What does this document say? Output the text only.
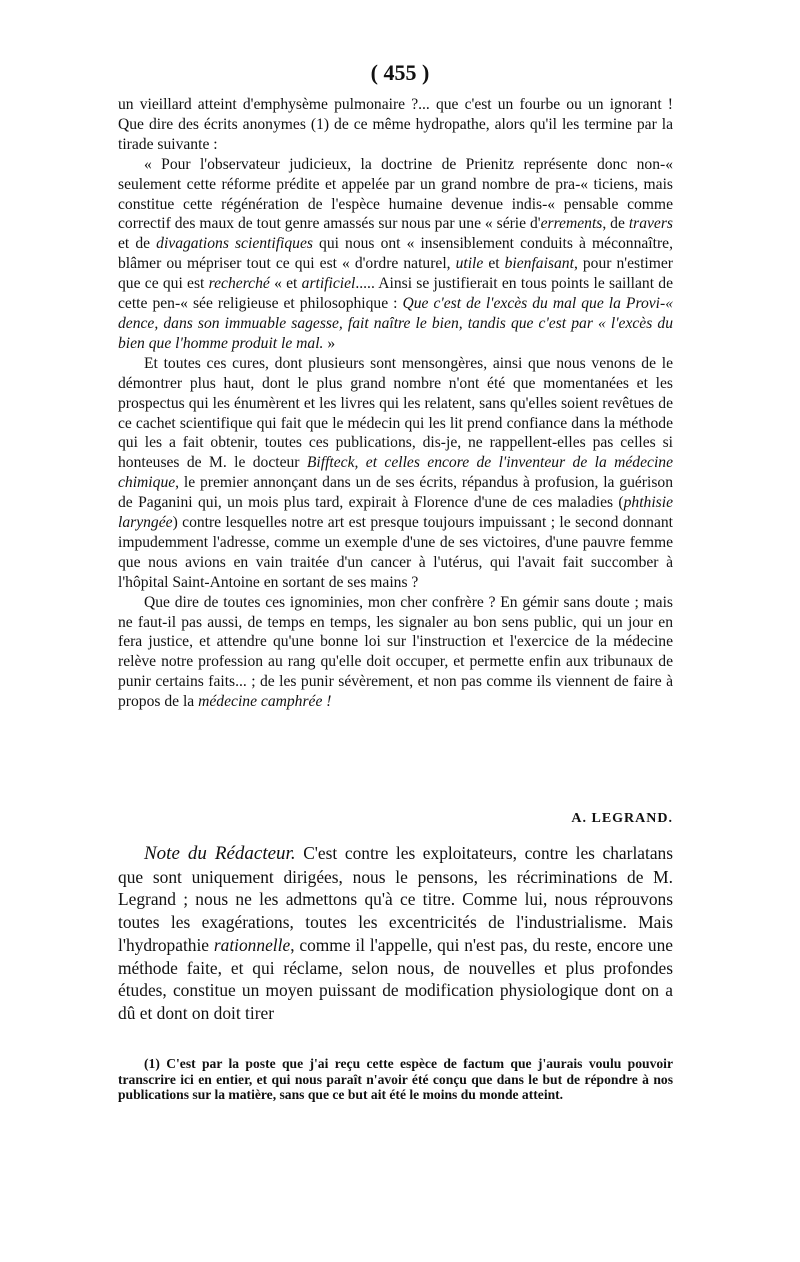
( 455 )

un vieillard atteint d'emphysème pulmonaire ?... que c'est un fourbe ou un ignorant ! Que dire des écrits anonymes (1) de ce même hydropathe, alors qu'il les termine par la tirade suivante :

« Pour l'observateur judicieux, la doctrine de Prienitz représente donc non-« seulement cette réforme prédite et appelée par un grand nombre de pra-« ticiens, mais constitue cette régénération de l'espèce humaine devenue indis-« pensable comme correctif des maux de tout genre amassés sur nous par une « série d'errements, de travers et de divagations scientifiques qui nous ont « insensiblement conduits à méconnaître, blâmer ou mépriser tout ce qui est « d'ordre naturel, utile et bienfaisant, pour n'estimer que ce qui est recherché « et artificiel..... Ainsi se justifierait en tous points le saillant de cette pen-« sée religieuse et philosophique : Que c'est de l'excès du mal que la Provi-« dence, dans son immuable sagesse, fait naître le bien, tandis que c'est par « l'excès du bien que l'homme produit le mal. »

Et toutes ces cures, dont plusieurs sont mensongères, ainsi que nous venons de le démontrer plus haut, dont le plus grand nombre n'ont été que momentanées et les prospectus qui les énumèrent et les livres qui les relatent, sans qu'elles soient revêtues de ce cachet scientifique qui fait que le médecin qui les lit prend confiance dans la méthode qui les a fait obtenir, toutes ces publications, dis-je, ne rappellent-elles pas celles si honteuses de M. le docteur Biffteck, et celles encore de l'inventeur de la médecine chimique, le premier annonçant dans un de ses écrits, répandus à profusion, la guérison de Paganini qui, un mois plus tard, expirait à Florence d'une de ces maladies (phthisie laryngée) contre lesquelles notre art est presque toujours impuissant ; le second donnant impudemment l'adresse, comme un exemple d'une de ses victoires, d'une pauvre femme que nous avions en vain traitée d'un cancer à l'utérus, qui l'avait fait succomber à l'hôpital Saint-Antoine en sortant de ses mains ?

Que dire de toutes ces ignominies, mon cher confrère ? En gémir sans doute ; mais ne faut-il pas aussi, de temps en temps, les signaler au bon sens public, qui un jour en fera justice, et attendre qu'une bonne loi sur l'instruction et l'exercice de la médecine relève notre profession au rang qu'elle doit occuper, et permette enfin aux tribunaux de punir certains faits... ; de les punir sévèrement, et non pas comme ils viennent de faire à propos de la médecine camphrée !

A. LEGRAND.

Note du Rédacteur. C'est contre les exploitateurs, contre les charlatans que sont uniquement dirigées, nous le pensons, les récriminations de M. Legrand ; nous ne les admettons qu'à ce titre. Comme lui, nous réprouvons toutes les exagérations, toutes les excentricités de l'industrialisme. Mais l'hydropathie rationnelle, comme il l'appelle, qui n'est pas, du reste, encore une méthode faite, et qui réclame, selon nous, de nouvelles et plus profondes études, constitue un moyen puissant de modification physiologique dont on a dû et dont on doit tirer

(1) C'est par la poste que j'ai reçu cette espèce de factum que j'aurais voulu pouvoir transcrire ici en entier, et qui nous paraît n'avoir été conçu que dans le but de répondre à nos publications sur la matière, sans que ce but ait été le moins du monde atteint.
